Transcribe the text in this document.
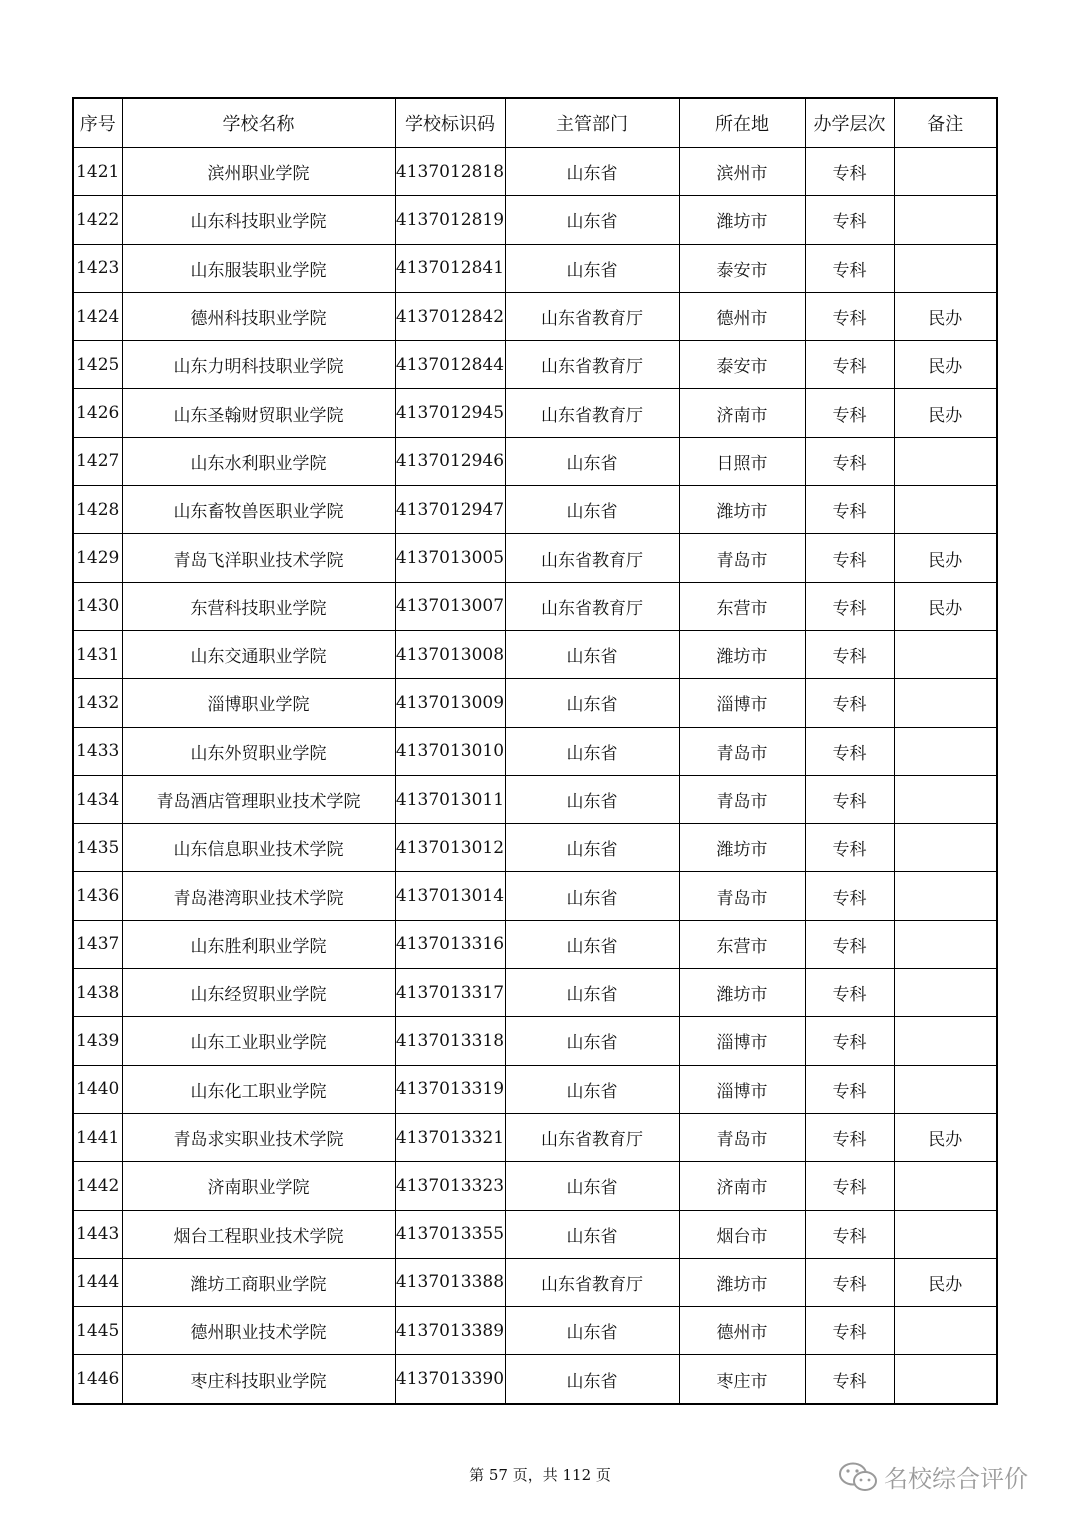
序号	学校名称	学校标识码	主管部门	所在地	办学层次	备注
1421	滨州职业学院	4137012818	山东省	滨州市	专科	
1422	山东科技职业学院	4137012819	山东省	潍坊市	专科	
1423	山东服装职业学院	4137012841	山东省	泰安市	专科	
1424	德州科技职业学院	4137012842	山东省教育厅	德州市	专科	民办
1425	山东力明科技职业学院	4137012844	山东省教育厅	泰安市	专科	民办
1426	山东圣翰财贸职业学院	4137012945	山东省教育厅	济南市	专科	民办
1427	山东水利职业学院	4137012946	山东省	日照市	专科	
1428	山东畜牧兽医职业学院	4137012947	山东省	潍坊市	专科	
1429	青岛飞洋职业技术学院	4137013005	山东省教育厅	青岛市	专科	民办
1430	东营科技职业学院	4137013007	山东省教育厅	东营市	专科	民办
1431	山东交通职业学院	4137013008	山东省	潍坊市	专科	
1432	淄博职业学院	4137013009	山东省	淄博市	专科	
1433	山东外贸职业学院	4137013010	山东省	青岛市	专科	
1434	青岛酒店管理职业技术学院	4137013011	山东省	青岛市	专科	
1435	山东信息职业技术学院	4137013012	山东省	潍坊市	专科	
1436	青岛港湾职业技术学院	4137013014	山东省	青岛市	专科	
1437	山东胜利职业学院	4137013316	山东省	东营市	专科	
1438	山东经贸职业学院	4137013317	山东省	潍坊市	专科	
1439	山东工业职业学院	4137013318	山东省	淄博市	专科	
1440	山东化工职业学院	4137013319	山东省	淄博市	专科	
1441	青岛求实职业技术学院	4137013321	山东省教育厅	青岛市	专科	民办
1442	济南职业学院	4137013323	山东省	济南市	专科	
1443	烟台工程职业技术学院	4137013355	山东省	烟台市	专科	
1444	潍坊工商职业学院	4137013388	山东省教育厅	潍坊市	专科	民办
1445	德州职业技术学院	4137013389	山东省	德州市	专科	
1446	枣庄科技职业学院	4137013390	山东省	枣庄市	专科	
第 57 页，共 112 页	名校综合评价
